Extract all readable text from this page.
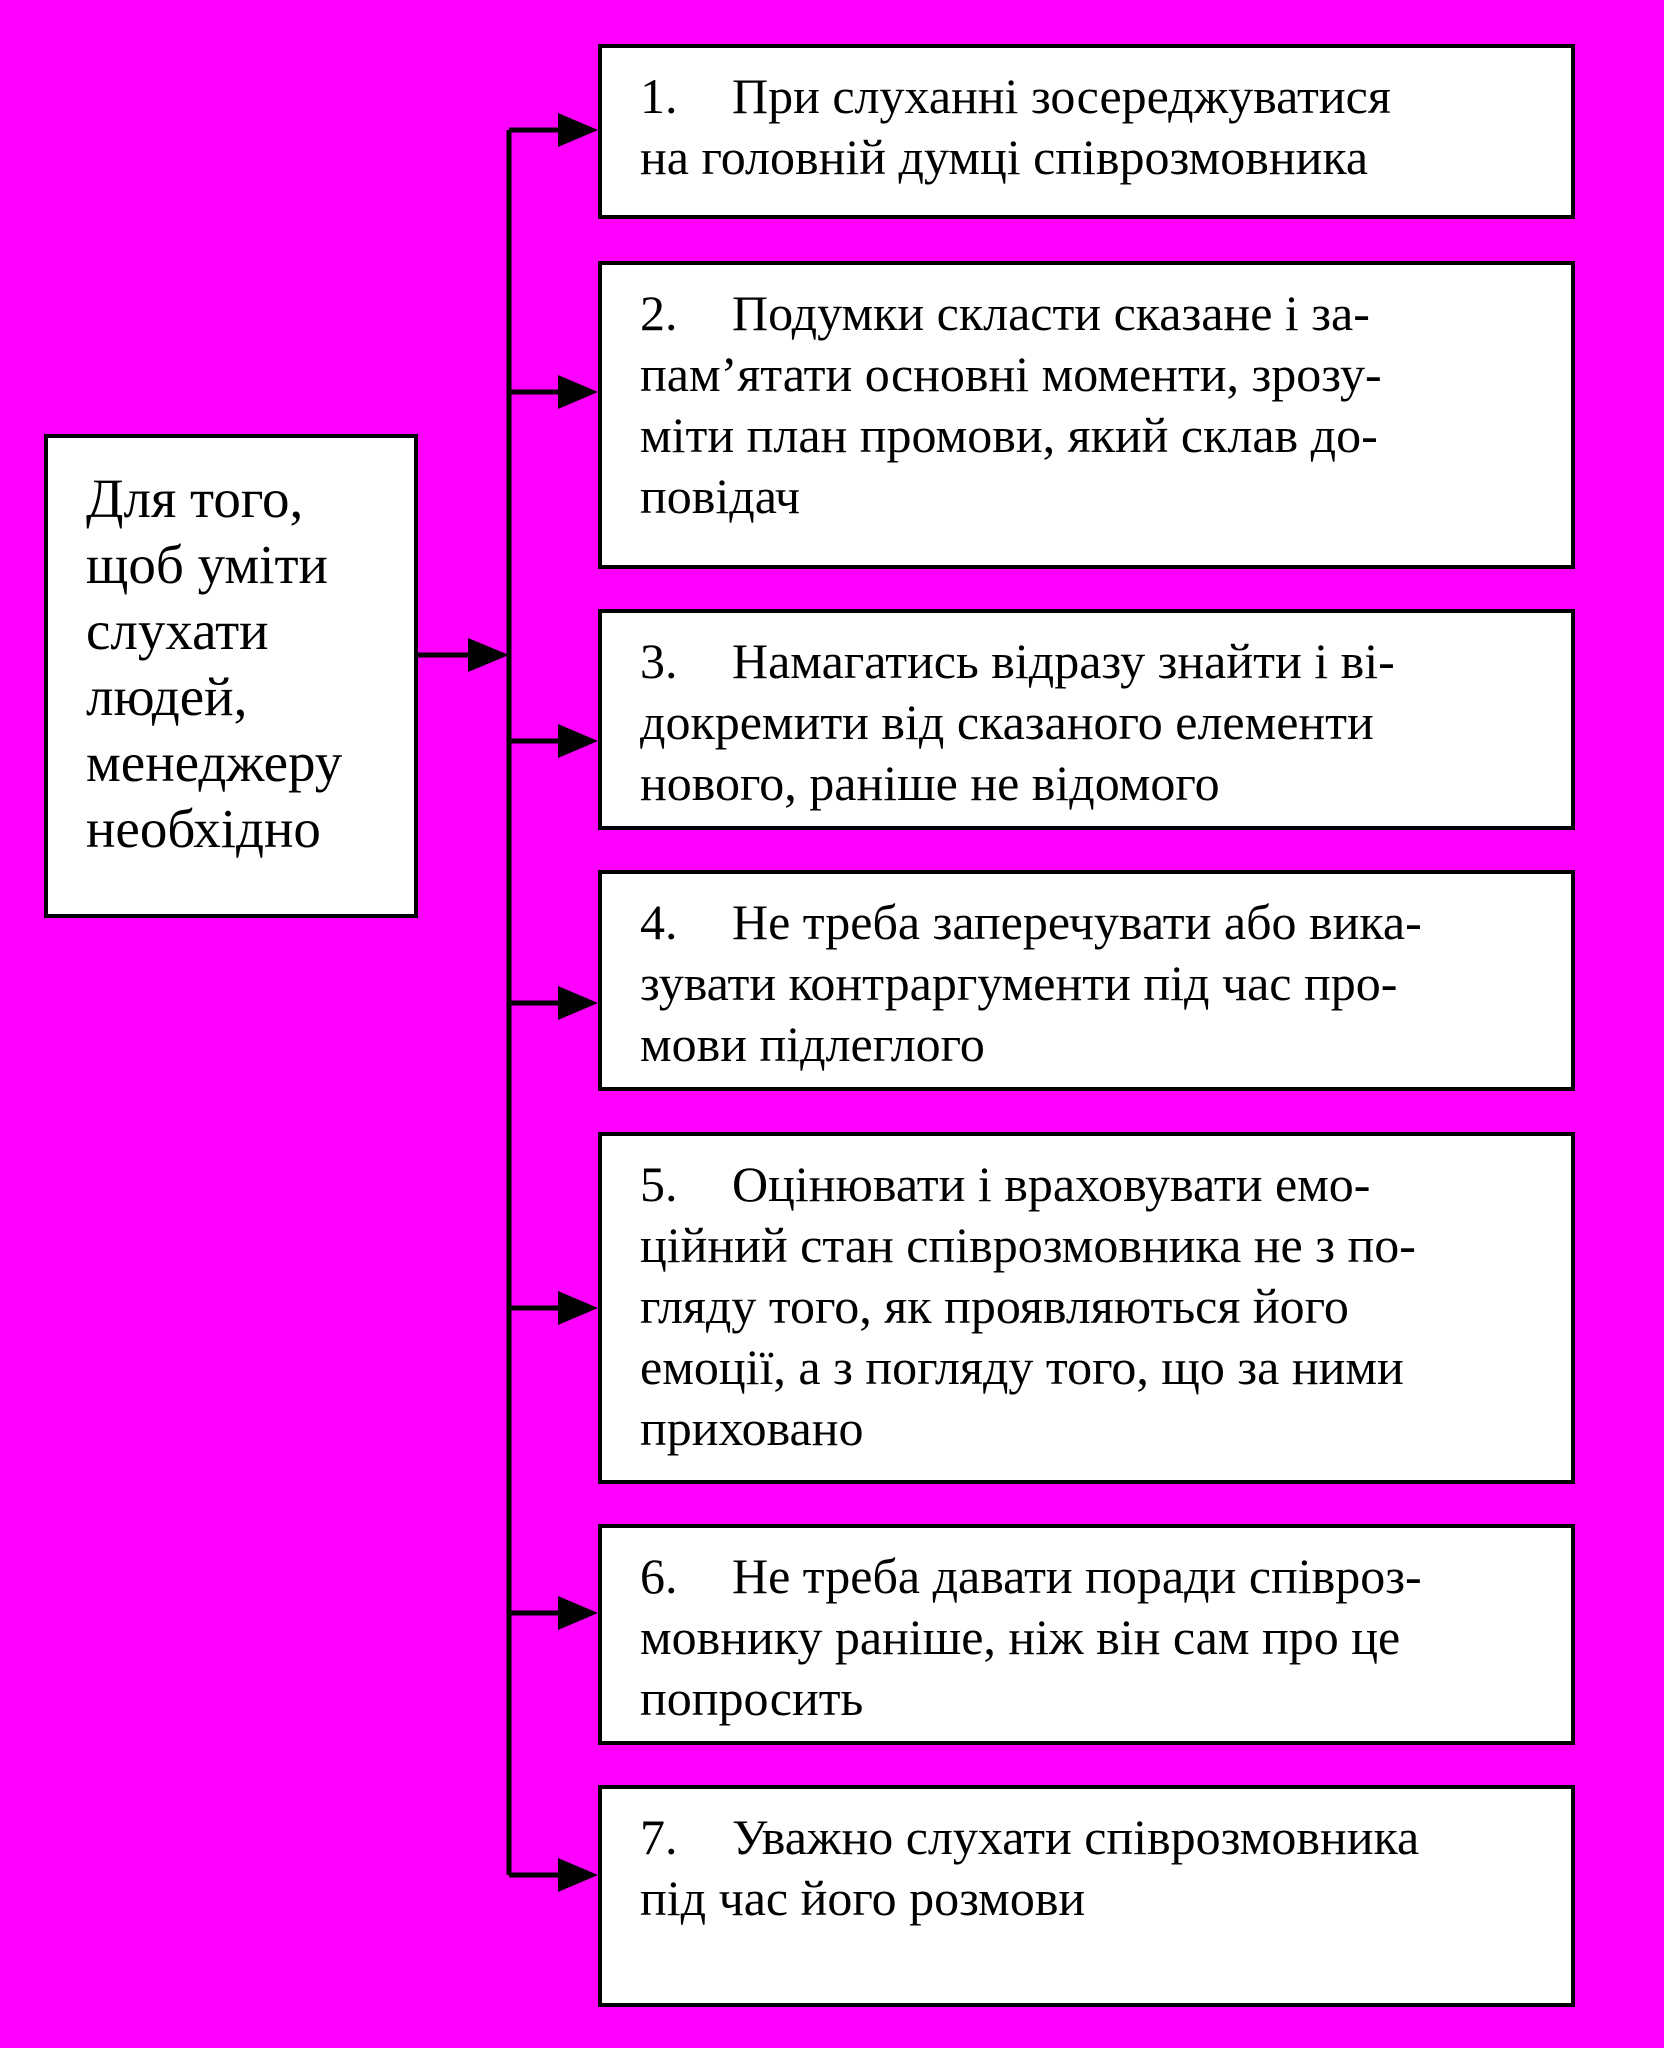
Для того,
щоб уміти
слухати
людей,
менеджеру
необхідно
1. При слуханні зосереджуватися
на головній думці співрозмовника
2. Подумки скласти сказане і за-
пам’ятати основні моменти, зрозу-
міти план промови, який склав до-
повідач
3. Намагатись відразу знайти і ві-
докремити від сказаного елементи
нового, раніше не відомого
4. Не треба заперечувати або вика-
зувати контраргументи під час про-
мови підлеглого
5. Оцінювати і враховувати емо-
ційний стан співрозмовника не з по-
гляду того, як проявляються його
емоції, а з погляду того, що за ними
приховано
6. Не треба давати поради співроз-
мовнику раніше, ніж він сам про це
попросить
7. Уважно слухати співрозмовника
під час його розмови
